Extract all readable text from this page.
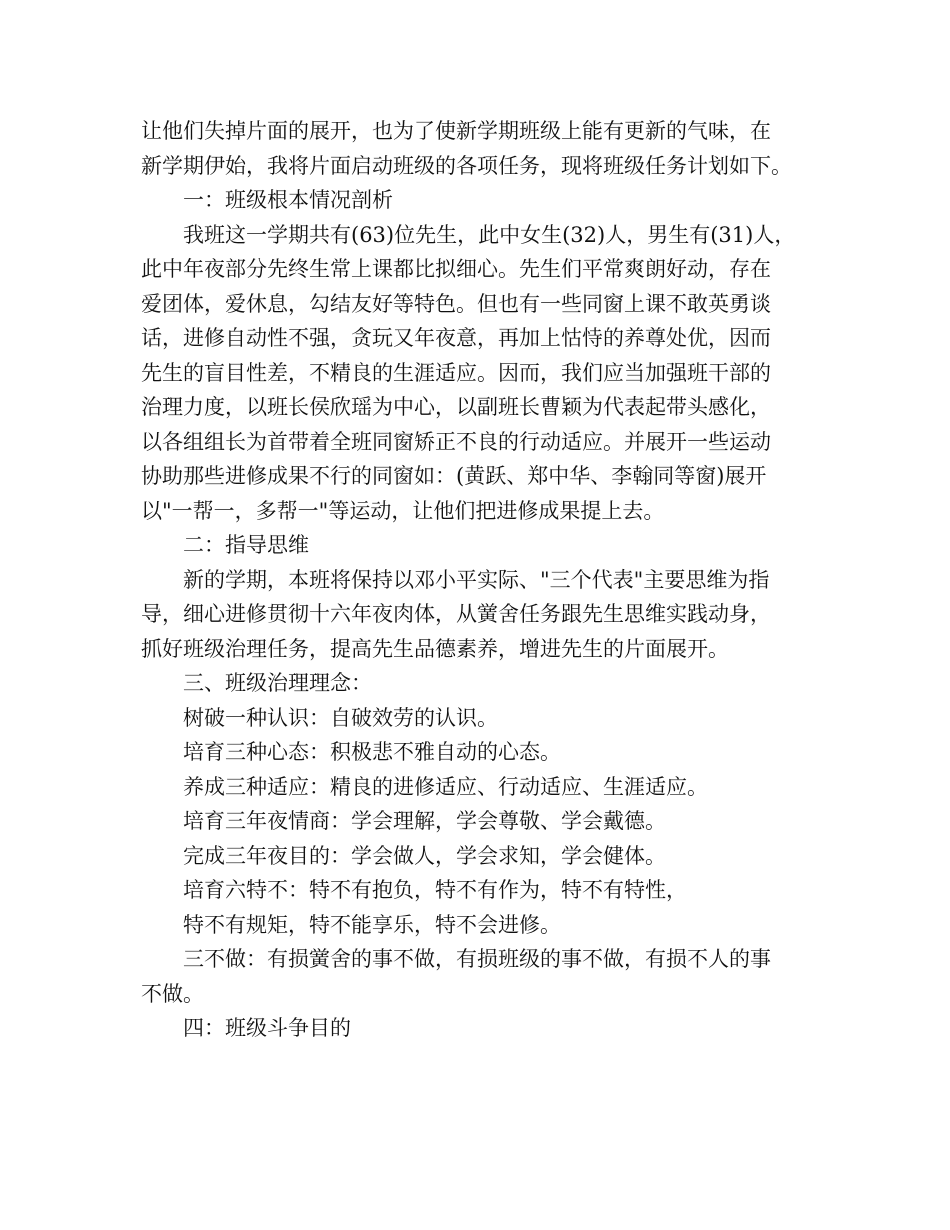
让他们失掉片面的展开，也为了使新学期班级上能有更新的气味，在

新学期伊始，我将片面启动班级的各项任务，现将班级任务计划如下。

一：班级根本情况剖析

我班这一学期共有(63)位先生，此中女生(32)人，男生有(31)人，

此中年夜部分先终生常上课都比拟细心。先生们平常爽朗好动，存在

爱团体，爱休息，勾结友好等特色。但也有一些同窗上课不敢英勇谈

话，进修自动性不强，贪玩又年夜意，再加上怙恃的养尊处优，因而

先生的盲目性差，不精良的生涯适应。因而，我们应当加强班干部的

治理力度，以班长侯欣瑶为中心，以副班长曹颖为代表起带头感化，

以各组组长为首带着全班同窗矫正不良的行动适应。并展开一些运动

协助那些进修成果不行的同窗如：(黄跃、郑中华、李翰同等窗)展开

以"一帮一，多帮一"等运动，让他们把进修成果提上去。

二：指导思维

新的学期，本班将保持以邓小平实际、"三个代表"主要思维为指

导，细心进修贯彻十六年夜肉体，从黉舍任务跟先生思维实践动身，

抓好班级治理任务，提高先生品德素养，增进先生的片面展开。

三、班级治理理念：

树破一种认识：自破效劳的认识。

培育三种心态：积极悲不雅自动的心态。

养成三种适应：精良的进修适应、行动适应、生涯适应。

培育三年夜情商：学会理解，学会尊敬、学会戴德。

完成三年夜目的：学会做人，学会求知，学会健体。

培育六特不：特不有抱负，特不有作为，特不有特性，

特不有规矩，特不能享乐，特不会进修。

三不做：有损黉舍的事不做，有损班级的事不做，有损不人的事

不做。

四：班级斗争目的
